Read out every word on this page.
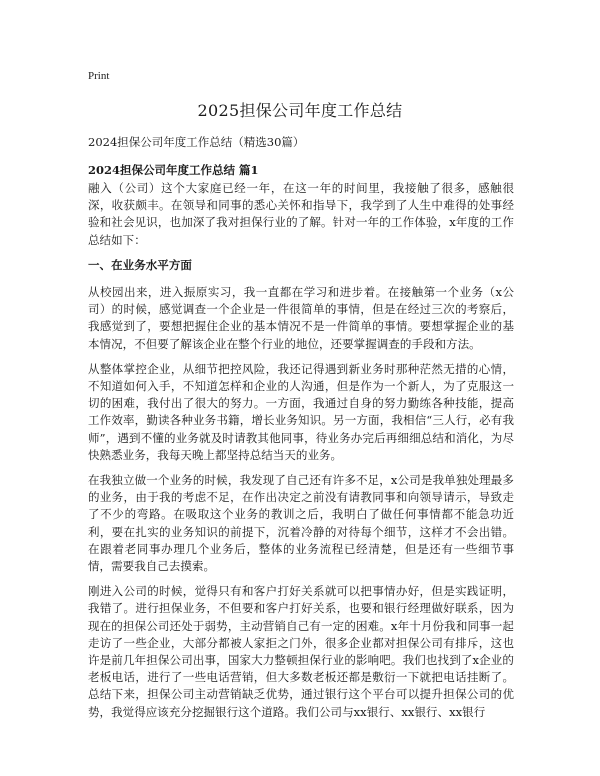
Print
2025担保公司年度工作总结
2024担保公司年度工作总结（精选30篇）
2024担保公司年度工作总结 篇1

融入（公司）这个大家庭已经一年，在这一年的时间里，我接触了很多，感触很深，收获颇丰。在领导和同事的悉心关怀和指导下，我学到了人生中难得的处事经验和社会见识，也加深了我对担保行业的了解。针对一年的工作体验，x年度的工作总结如下：

一、在业务水平方面

从校园出来，进入振原实习，我一直都在学习和进步着。在接触第一个业务（x公司）的时候，感觉调查一个企业是一件很简单的事情，但是在经过三次的考察后，我感觉到了，要想把握住企业的基本情况不是一件简单的事情。要想掌握企业的基本情况，不但要了解该企业在整个行业的地位，还要掌握调查的手段和方法。

从整体掌控企业，从细节把控风险，我还记得遇到新业务时那种茫然无措的心情，不知道如何入手，不知道怎样和企业的人沟通，但是作为一个新人，为了克服这一切的困难，我付出了很大的努力。一方面，我通过自身的努力勤练各种技能，提高工作效率，勤读各种业务书籍，增长业务知识。另一方面，我相信“三人行，必有我师”，遇到不懂的业务就及时请教其他同事，待业务办完后再细细总结和消化，为尽快熟悉业务，我每天晚上都坚持总结当天的业务。

在我独立做一个业务的时候，我发现了自己还有许多不足，x公司是我单独处理最多的业务，由于我的考虑不足，在作出决定之前没有请教同事和向领导请示，导致走了不少的弯路。在吸取这个业务的教训之后，我明白了做任何事情都不能急功近利，要在扎实的业务知识的前提下，沉着冷静的对待每个细节，这样才不会出错。在跟着老同事办理几个业务后，整体的业务流程已经清楚，但是还有一些细节事情，需要我自己去摸索。

刚进入公司的时候，觉得只有和客户打好关系就可以把事情办好，但是实践证明，我错了。进行担保业务，不但要和客户打好关系，也要和银行经理做好联系，因为现在的担保公司还处于弱势，主动营销自己有一定的困难。x年十月份我和同事一起走访了一些企业，大部分都被人家拒之门外，很多企业都对担保公司有排斥，这也许是前几年担保公司出事，国家大力整顿担保行业的影响吧。我们也找到了x企业的老板电话，进行了一些电话营销，但大多数老板还都是敷衍一下就把电话挂断了。总结下来，担保公司主动营销缺乏优势，通过银行这个平台可以提升担保公司的优势，我觉得应该充分挖掘银行这个道路。我们公司与xx银行、xx银行、xx银行
